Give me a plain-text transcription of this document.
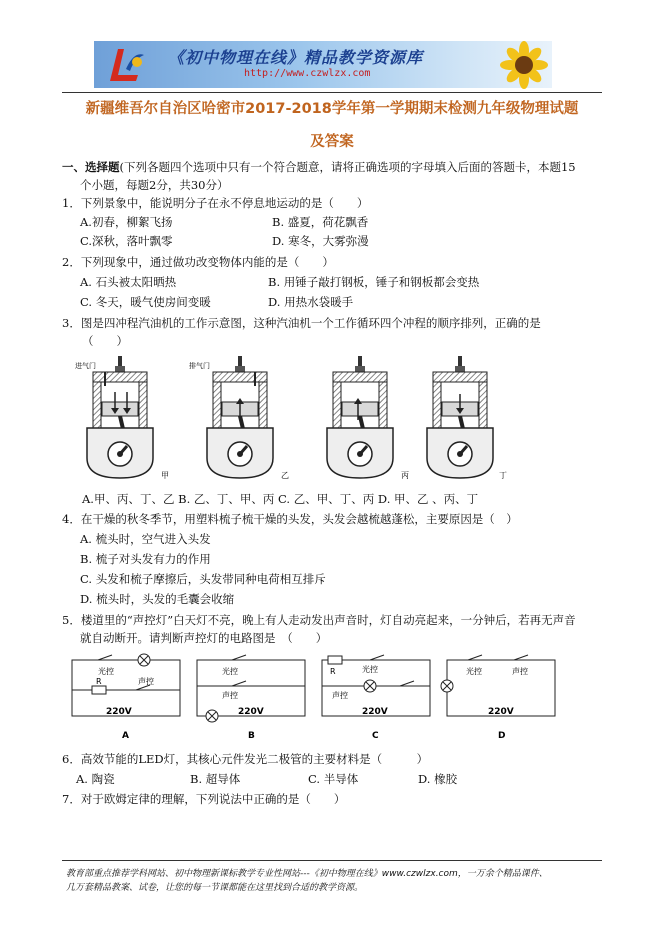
《初中物理在线》精品教学资源库
http://www.czwlzx.com
新疆维吾尔自治区哈密市2017-2018学年第一学期期末检测九年级物理试题
及答案
一、选择题(下列各题四个选项中只有一个符合题意，请将正确选项的字母填入后面的答题卡，本题15
个小题，每题2分，共30分）
1．下列景象中，能说明分子在永不停息地运动的是（　　）
A.初春，柳絮飞扬	B. 盛夏，荷花飘香
C.深秋，落叶飘零	D. 寒冬，大雾弥漫
2．下列现象中，通过做功改变物体内能的是（　　）
A. 石头被太阳晒热	B. 用锤子敲打钢板，锤子和钢板都会变热
C. 冬天，暖气使房间变暖	D. 用热水袋暖手
3．图是四冲程汽油机的工作示意图，这种汽油机一个工作循环四个冲程的顺序排列，正确的是
（　　）
进气门
甲
排气门
乙	丙	丁
A.甲、丙、丁、乙 B. 乙、丁、甲、丙 C. 乙、甲、丁、丙 D. 甲、乙 、丙、丁
4．在干燥的秋冬季节，用塑料梳子梳干燥的头发，头发会越梳越蓬松，主要原因是（　）
A. 梳头时，空气进入头发
B. 梳子对头发有力的作用
C. 头发和梳子摩擦后，头发带同种电荷相互排斥
D. 梳头时，头发的毛囊会收缩
5．楼道里的“声控灯”白天灯不亮，晚上有人走动发出声音时，灯自动亮起来，一分钟后，若再无声音
就自动断开。请判断声控灯的电路图是　（　　）
光控
R	声控
220V
A
光控
声控
220V
B
R	光控
声控
220V
C
光控	声控
220V
D
6．高效节能的LED灯，其核心元件发光二极管的主要材料是（　　　）
A. 陶瓷	B. 超导体	C. 半导体	D. 橡胶
7．对于欧姆定律的理解，下列说法中正确的是（　　）
教育部重点推荐学科网站、初中物理新课标教学专业性网站---《初中物理在线》www.czwlzx.com，一万余个精品课件、
几万套精品教案、试卷，让您的每一节课都能在这里找到合适的教学资源。
